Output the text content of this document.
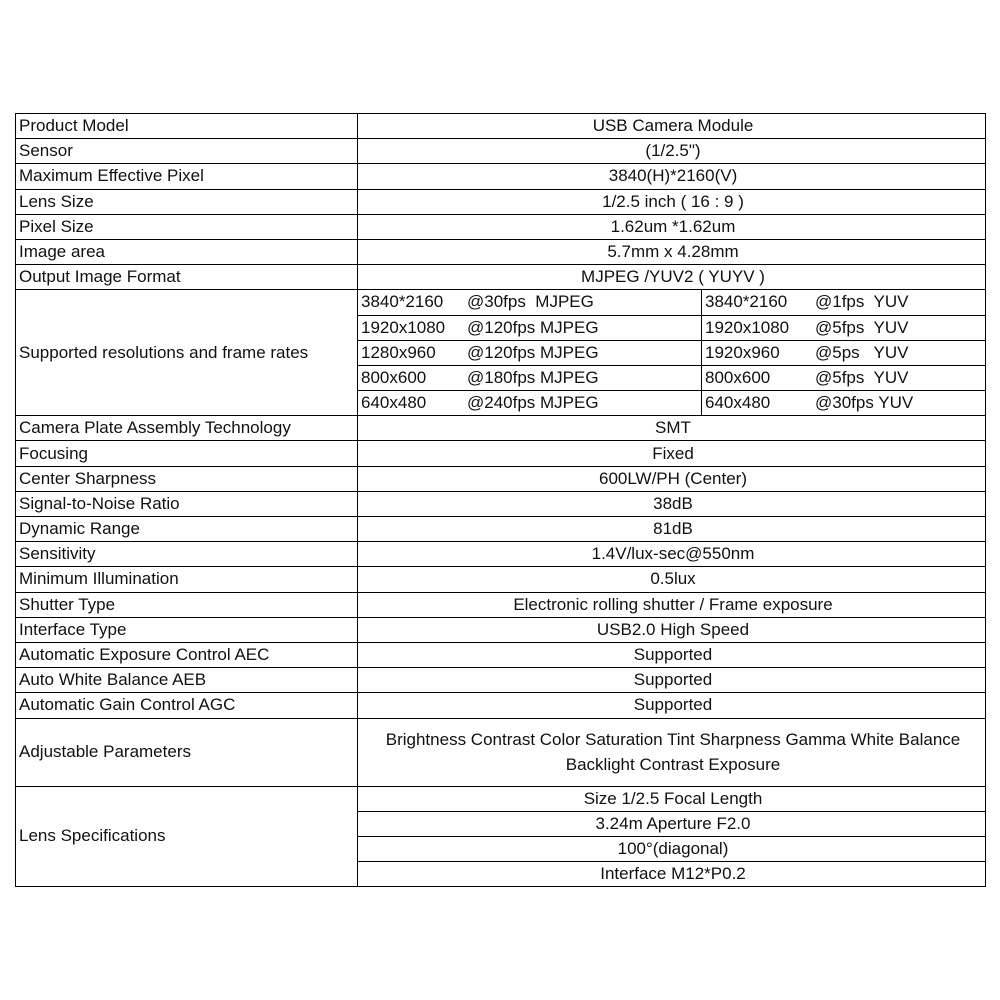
Product Model	USB Camera Module	
Sensor	(1/2.5")	
Maximum Effective Pixel	3840(H)*2160(V)	
Lens Size	1/2.5 inch ( 16 : 9 )	
Pixel Size	1.62um *1.62um	
Image area	5.7mm x 4.28mm	
Output Image Format	MJPEG /YUV2 ( YUYV )	
Supported resolutions and frame rates	3840*2160 @30fps  MJPEG	3840*2160 @1fps  YUV
	1920x1080 @120fps MJPEG	1920x1080 @5fps  YUV
	1280x960 @120fps MJPEG	1920x960 @5ps   YUV
	800x600 @180fps MJPEG	800x600 @5fps  YUV
	640x480 @240fps MJPEG	640x480 @30fps YUV
Camera Plate Assembly Technology	SMT	
Focusing	Fixed	
Center Sharpness	600LW/PH (Center)	
Signal-to-Noise Ratio	38dB	
Dynamic Range	81dB	
Sensitivity	1.4V/lux-sec@550nm	
Minimum Illumination	0.5lux	
Shutter Type	Electronic rolling shutter / Frame exposure	
Interface Type	USB2.0 High Speed	
Automatic Exposure Control AEC	Supported	
Auto White Balance AEB	Supported	
Automatic Gain Control AGC	Supported	
Adjustable Parameters	Brightness Contrast Color Saturation Tint Sharpness Gamma White Balance Backlight Contrast Exposure	
Lens Specifications	Size 1/2.5 Focal Length	
	3.24m Aperture F2.0	
	100°(diagonal)	
	Interface M12*P0.2	
